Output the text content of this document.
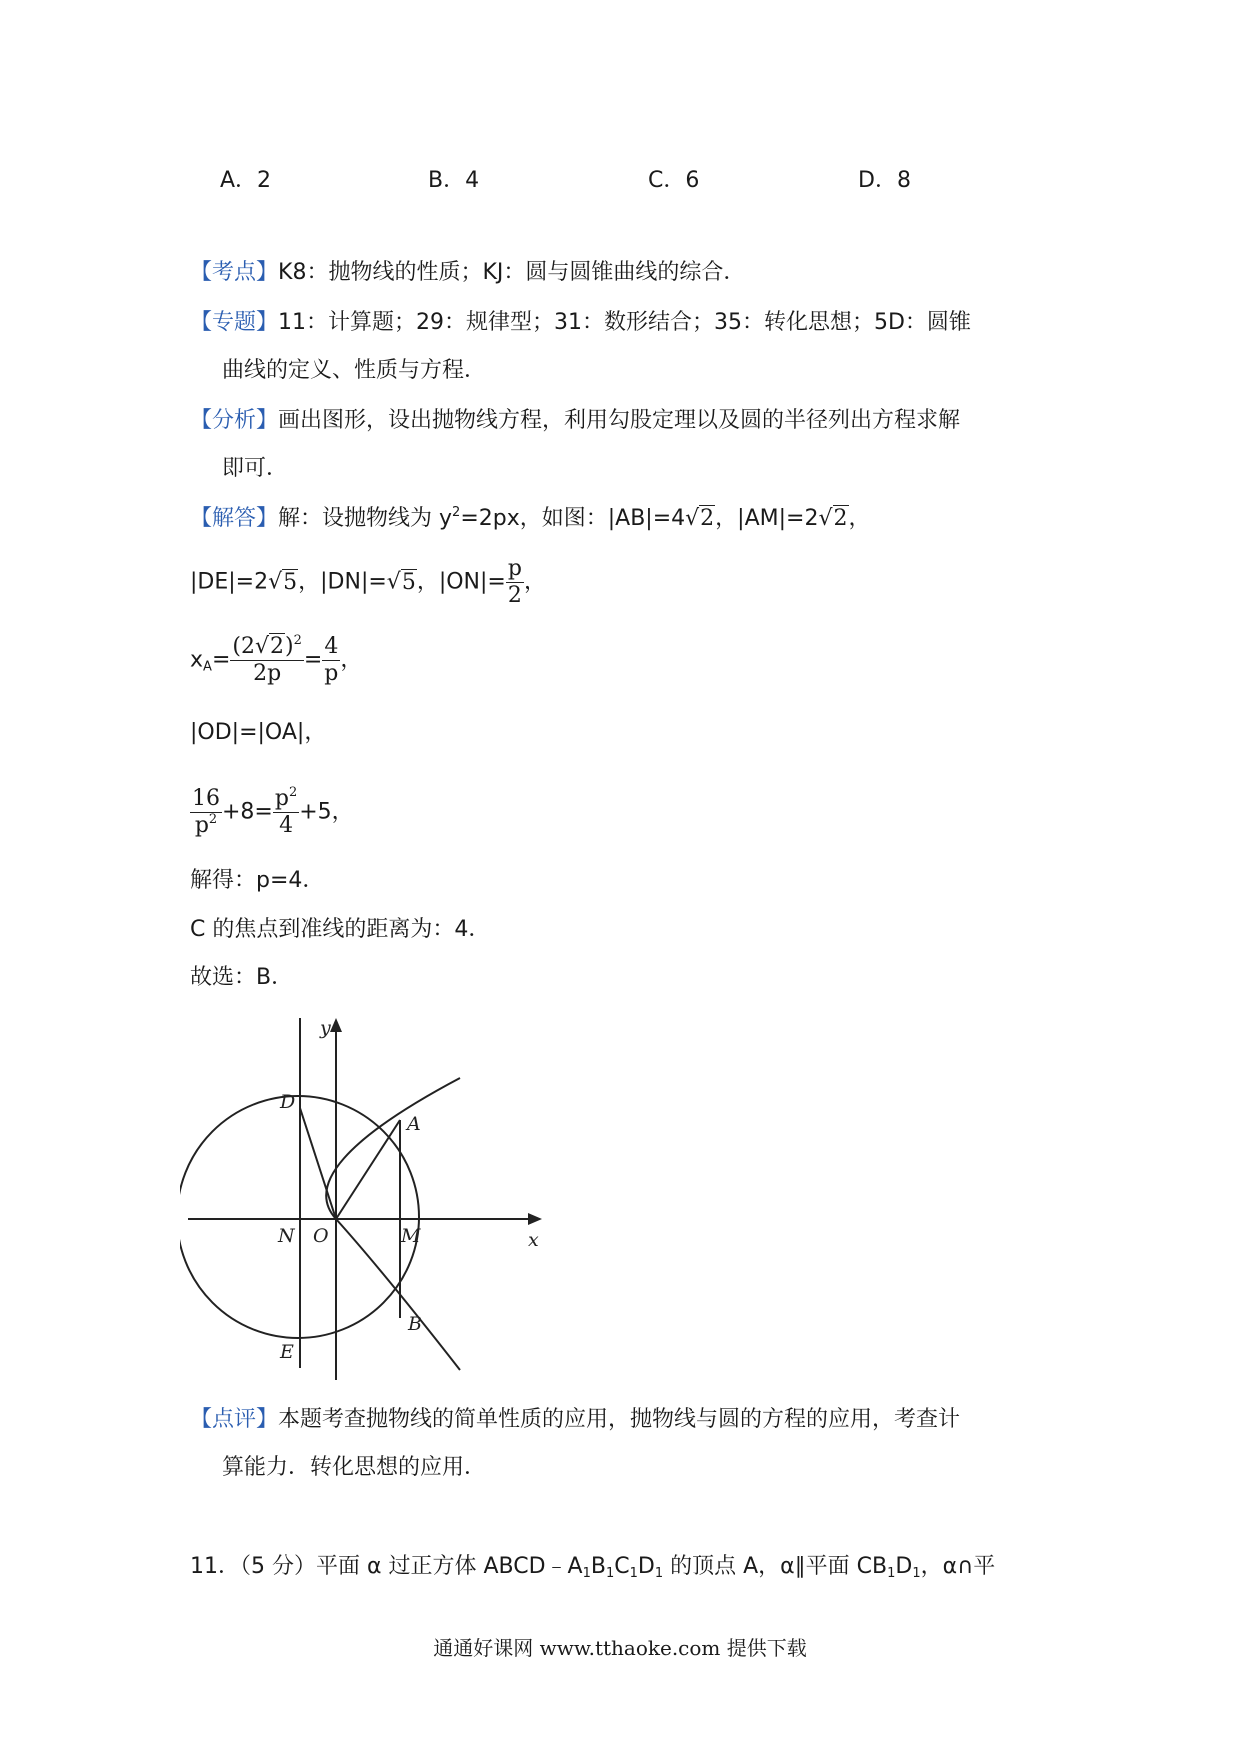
A．2	B．4	C．6	D．8
【考点】K8：抛物线的性质；KJ：圆与圆锥曲线的综合．
【专题】11：计算题；29：规律型；31：数形结合；35：转化思想；5D：圆锥
曲线的定义、性质与方程．
【分析】画出图形，设出抛物线方程，利用勾股定理以及圆的半径列出方程求解
即可．
【解答】解：设抛物线为 $y^2=2px$，如图：|AB|=4√2，|AM|=2√2，
|DE|=2√5，|DN|=√5，$|ON|= \frac{p}{2}$ ，
$x_A= \frac{(2√2)^2}{2p} = \frac{4}{p}$ ，
|OD|=|OA|，
$\frac{16}{p^2} +8= \frac{p^2}{4} +5$，
解得：p=4．
C 的焦点到准线的距离为：4．
故选：B．
y
x
D
A
N O	M
E
B
【点评】本题考查抛物线的简单性质的应用，抛物线与圆的方程的应用，考查计
算能力．转化思想的应用．
11．（5 分）平面 α 过正方体 $ABCD﹣A_1B_1C_1D_1$ 的顶点 A，α∥平面 $CB_1D_1$，α∩平
通通好课网 www.tthaoke.com 提供下载
